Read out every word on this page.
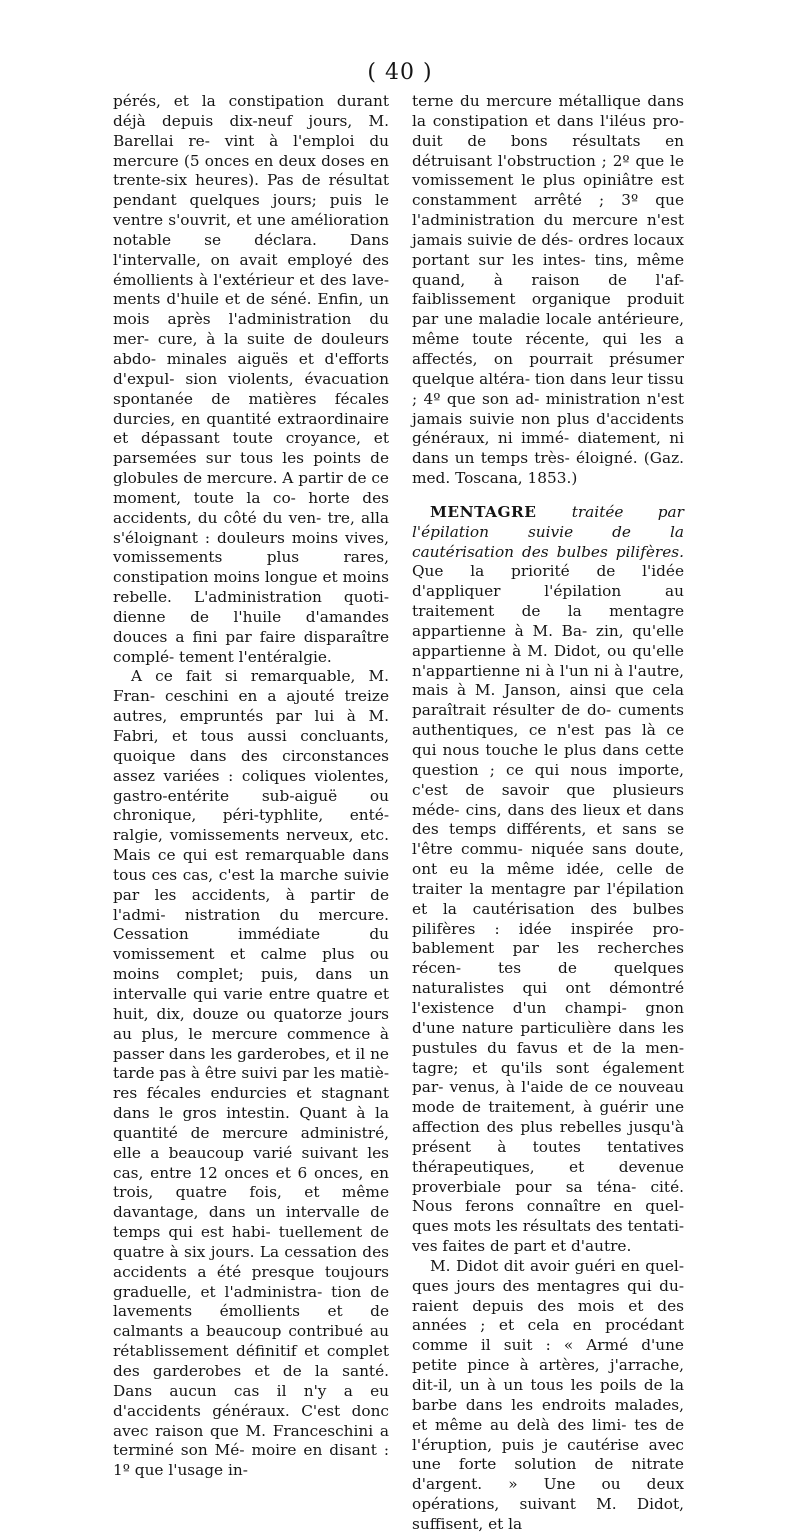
( 40 )

pérés, et la constipation durant déjà depuis dix-neuf jours, M. Barellai re- vint à l'emploi du mercure (5 onces en deux doses en trente-six heures). Pas de résultat pendant quelques jours; puis le ventre s'ouvrit, et une amélioration notable se déclara. Dans l'intervalle, on avait employé des émollients à l'extérieur et des lave- ments d'huile et de séné. Enfin, un mois après l'administration du mer- cure, à la suite de douleurs abdo- minales aiguës et d'efforts d'expul- sion violents, évacuation spontanée de matières fécales durcies, en quantité extraordinaire et dépassant toute croyance, et parsemées sur tous les points de globules de mercure. A partir de ce moment, toute la co- horte des accidents, du côté du ven- tre, alla s'éloignant : douleurs moins vives, vomissements plus rares, constipation moins longue et moins rebelle. L'administration quoti- dienne de l'huile d'amandes douces a fini par faire disparaître complé- tement l'entéralgie.

A ce fait si remarquable, M. Fran- ceschini en a ajouté treize autres, empruntés par lui à M. Fabri, et tous aussi concluants, quoique dans des circonstances assez variées : coliques violentes, gastro-entérite sub-aiguë ou chronique, péri-typhlite, enté- ralgie, vomissements nerveux, etc. Mais ce qui est remarquable dans tous ces cas, c'est la marche suivie par les accidents, à partir de l'admi- nistration du mercure. Cessation immédiate du vomissement et calme plus ou moins complet; puis, dans un intervalle qui varie entre quatre et huit, dix, douze ou quatorze jours au plus, le mercure commence à passer dans les garderobes, et il ne tarde pas à être suivi par les matiè- res fécales endurcies et stagnant dans le gros intestin. Quant à la quantité de mercure administré, elle a beaucoup varié suivant les cas, entre 12 onces et 6 onces, en trois, quatre fois, et même davantage, dans un intervalle de temps qui est habi- tuellement de quatre à six jours. La cessation des accidents a été presque toujours graduelle, et l'administra- tion de lavements émollients et de calmants a beaucoup contribué au rétablissement définitif et complet des garderobes et de la santé. Dans aucun cas il n'y a eu d'accidents généraux. C'est donc avec raison que M. Franceschini a terminé son Mé- moire en disant : 1º que l'usage in-

terne du mercure métallique dans la constipation et dans l'iléus pro- duit de bons résultats en détruisant l'obstruction ; 2º que le vomissement le plus opiniâtre est constamment arrêté ; 3º que l'administration du mercure n'est jamais suivie de dés- ordres locaux portant sur les intes- tins, même quand, à raison de l'af- faiblissement organique produit par une maladie locale antérieure, même toute récente, qui les a affectés, on pourrait présumer quelque altéra- tion dans leur tissu ; 4º que son ad- ministration n'est jamais suivie non plus d'accidents généraux, ni immé- diatement, ni dans un temps très- éloigné. (Gaz. med. Toscana, 1853.)

MENTAGRE traitée par l'épilation suivie de la cautérisation des bulbes pilifères. Que la priorité de l'idée d'appliquer l'épilation au traitement de la mentagre appartienne à M. Ba- zin, qu'elle appartienne à M. Didot, ou qu'elle n'appartienne ni à l'un ni à l'autre, mais à M. Janson, ainsi que cela paraîtrait résulter de do- cuments authentiques, ce n'est pas là ce qui nous touche le plus dans cette question ; ce qui nous importe, c'est de savoir que plusieurs méde- cins, dans des lieux et dans des temps différents, et sans se l'être commu- niquée sans doute, ont eu la même idée, celle de traiter la mentagre par l'épilation et la cautérisation des bulbes pilifères : idée inspirée pro- bablement par les recherches récen- tes de quelques naturalistes qui ont démontré l'existence d'un champi- gnon d'une nature particulière dans les pustules du favus et de la men- tagre; et qu'ils sont également par- venus, à l'aide de ce nouveau mode de traitement, à guérir une affection des plus rebelles jusqu'à présent à toutes tentatives thérapeutiques, et devenue proverbiale pour sa téna- cité. Nous ferons connaître en quel- ques mots les résultats des tentati- ves faites de part et d'autre.

M. Didot dit avoir guéri en quel- ques jours des mentagres qui du- raient depuis des mois et des années ; et cela en procédant comme il suit : « Armé d'une petite pince à artères, j'arrache, dit-il, un à un tous les poils de la barbe dans les endroits malades, et même au delà des limi- tes de l'éruption, puis je cautérise avec une forte solution de nitrate d'argent. » Une ou deux opérations, suivant M. Didot, suffisent, et la
